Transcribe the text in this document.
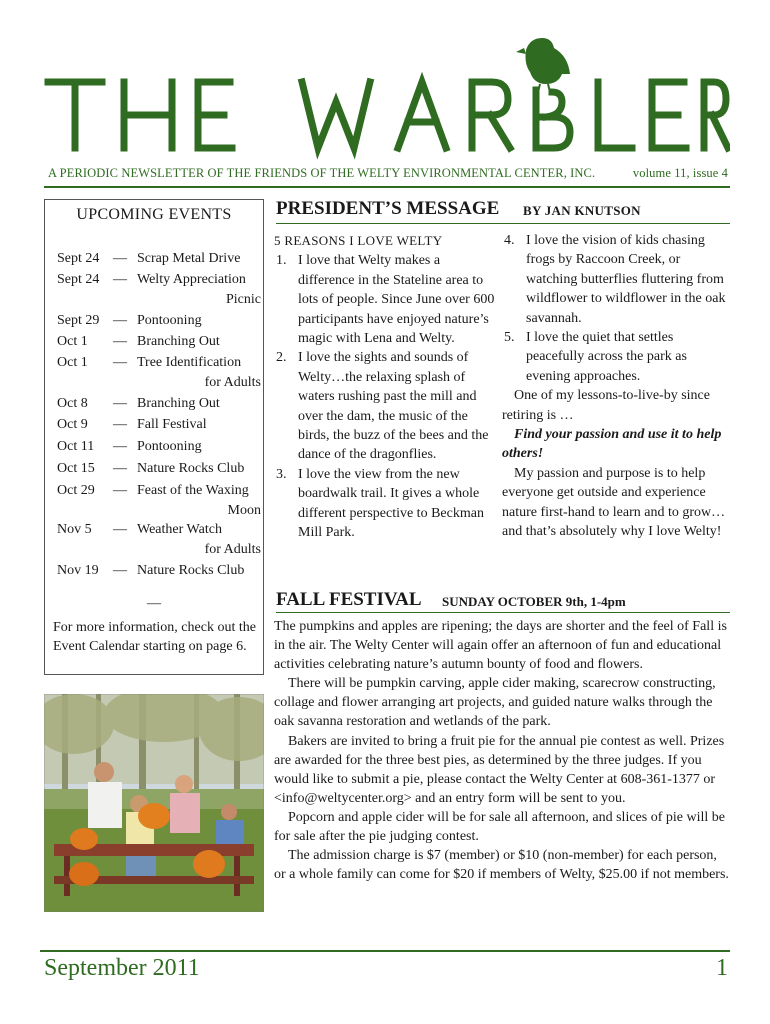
A PERIODIC NEWSLETTER OF THE FRIENDS OF THE WELTY ENVIRONMENTAL CENTER, INC.	volume 11, issue 4
UPCOMING EVENTS
Sept 24 — Scrap Metal Drive
Sept 24 — Welty Appreciation
Picnic
Sept 29 — Pontooning
Oct 1	— Branching Out
Oct 1	— Tree Identification
for Adults
Oct 8	— Branching Out
Oct 9	— Fall Festival
Oct 11	— Pontooning
Oct 15	— Nature Rocks Club
Oct 29	— Feast of the Waxing
Moon
Nov 5	— Weather Watch
for Adults
Nov 19	— Nature Rocks Club
—
For more information, check out the Event Calendar starting on page 6.
PRESIDENT’S MESSAGE BY JAN KNUTSON
5 REASONS I LOVE WELTY
1. I love that Welty makes a difference in the Stateline area to lots of people. Since June over 600 participants have enjoyed nature’s magic with Lena and Welty.
2. I love the sights and sounds of Welty…the relaxing splash of waters rushing past the mill and over the dam, the music of the birds, the buzz of the bees and the dance of the dragonflies.
3. I love the view from the new boardwalk trail. It gives a whole different perspective to Beckman Mill Park.
4. I love the vision of kids chasing frogs by Raccoon Creek, or watching butterflies fluttering from wildflower to wildflower in the oak savannah.
5. I love the quiet that settles peacefully across the park as evening approaches.
One of my lessons-to-live-by since retiring is …
Find your passion and use it to help others!
My passion and purpose is to help everyone get outside and experience nature first-hand to learn and to grow…and that’s absolutely why I love Welty!
FALL FESTIVAL SUNDAY OCTOBER 9th, 1-4pm

The pumpkins and apples are ripening; the days are shorter and the feel of Fall is in the air. The Welty Center will again offer an afternoon of fun and educational activities celebrating nature’s autumn bounty of food and flowers.

There will be pumpkin carving, apple cider making, scarecrow constructing, collage and flower arranging art projects, and guided nature walks through the oak savanna restoration and wetlands of the park.

Bakers are invited to bring a fruit pie for the annual pie contest as well. Prizes are awarded for the three best pies, as determined by the three judges. If you would like to submit a pie, please contact the Welty Center at 608-361-1377 or <info@weltycenter.org> and an entry form will be sent to you.

Popcorn and apple cider will be for sale all afternoon, and slices of pie will be for sale after the pie judging contest.

The admission charge is $7 (member) or $10 (non-member) for each person, or a whole family can come for $20 if members of Welty, $25.00 if not members.

September 2011	1
